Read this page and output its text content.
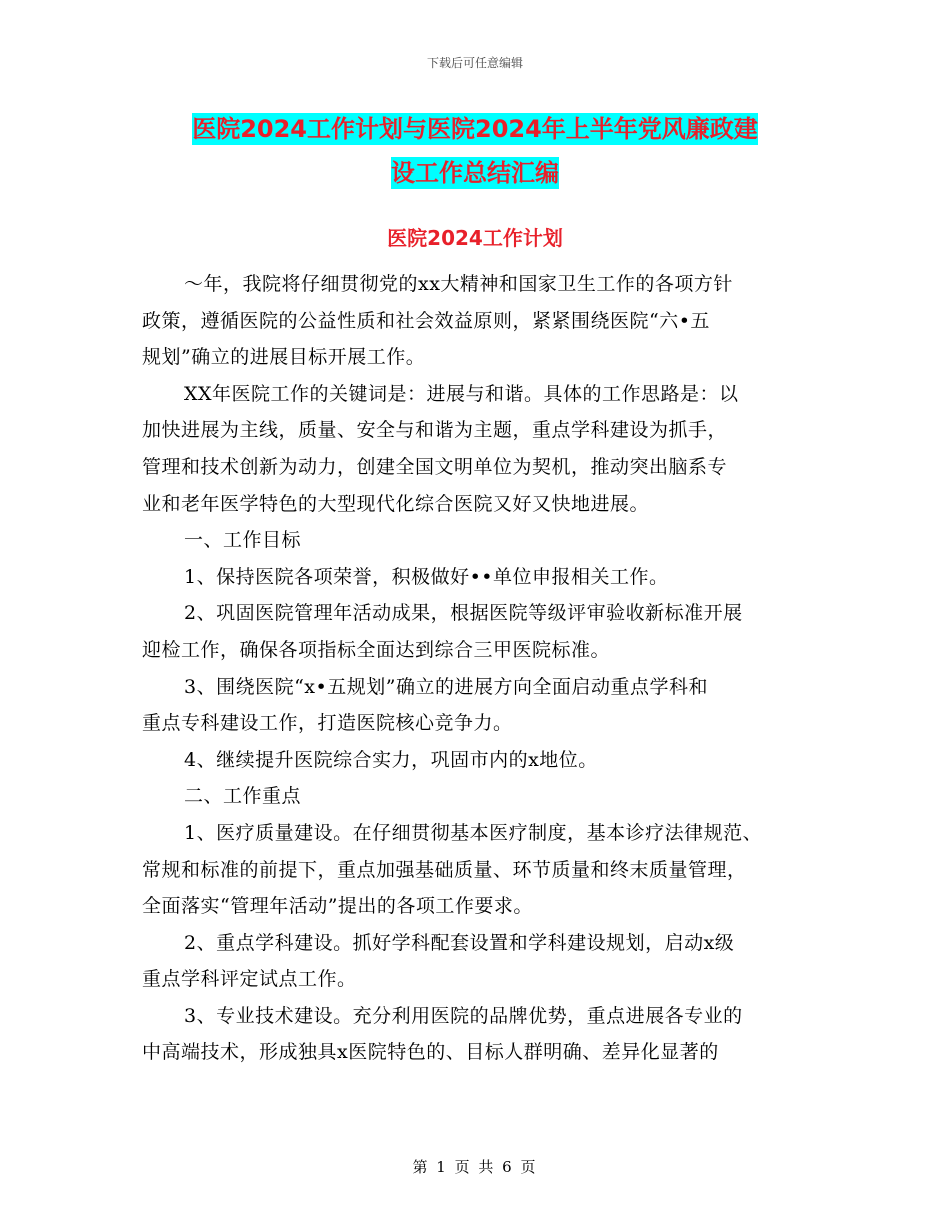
下载后可任意编辑
医院2024工作计划与医院2024年上半年党风廉政建
设工作总结汇编
医院2024工作计划
～年，我院将仔细贯彻党的xx大精神和国家卫生工作的各项方针
政策，遵循医院的公益性质和社会效益原则，紧紧围绕医院“六•五
规划”确立的进展目标开展工作。
XX年医院工作的关键词是：进展与和谐。具体的工作思路是：以
加快进展为主线，质量、安全与和谐为主题，重点学科建设为抓手，
管理和技术创新为动力，创建全国文明单位为契机，推动突出脑系专
业和老年医学特色的大型现代化综合医院又好又快地进展。
一、工作目标
1、保持医院各项荣誉，积极做好••单位申报相关工作。
2、巩固医院管理年活动成果，根据医院等级评审验收新标准开展
迎检工作，确保各项指标全面达到综合三甲医院标准。
3、围绕医院“x•五规划”确立的进展方向全面启动重点学科和
重点专科建设工作，打造医院核心竞争力。
4、继续提升医院综合实力，巩固市内的x地位。
二、工作重点
1、医疗质量建设。在仔细贯彻基本医疗制度，基本诊疗法律规范、
常规和标准的前提下，重点加强基础质量、环节质量和终末质量管理，
全面落实“管理年活动”提出的各项工作要求。
2、重点学科建设。抓好学科配套设置和学科建设规划，启动x级
重点学科评定试点工作。
3、专业技术建设。充分利用医院的品牌优势，重点进展各专业的
中高端技术，形成独具x医院特色的、目标人群明确、差异化显著的
第 1 页 共 6 页
